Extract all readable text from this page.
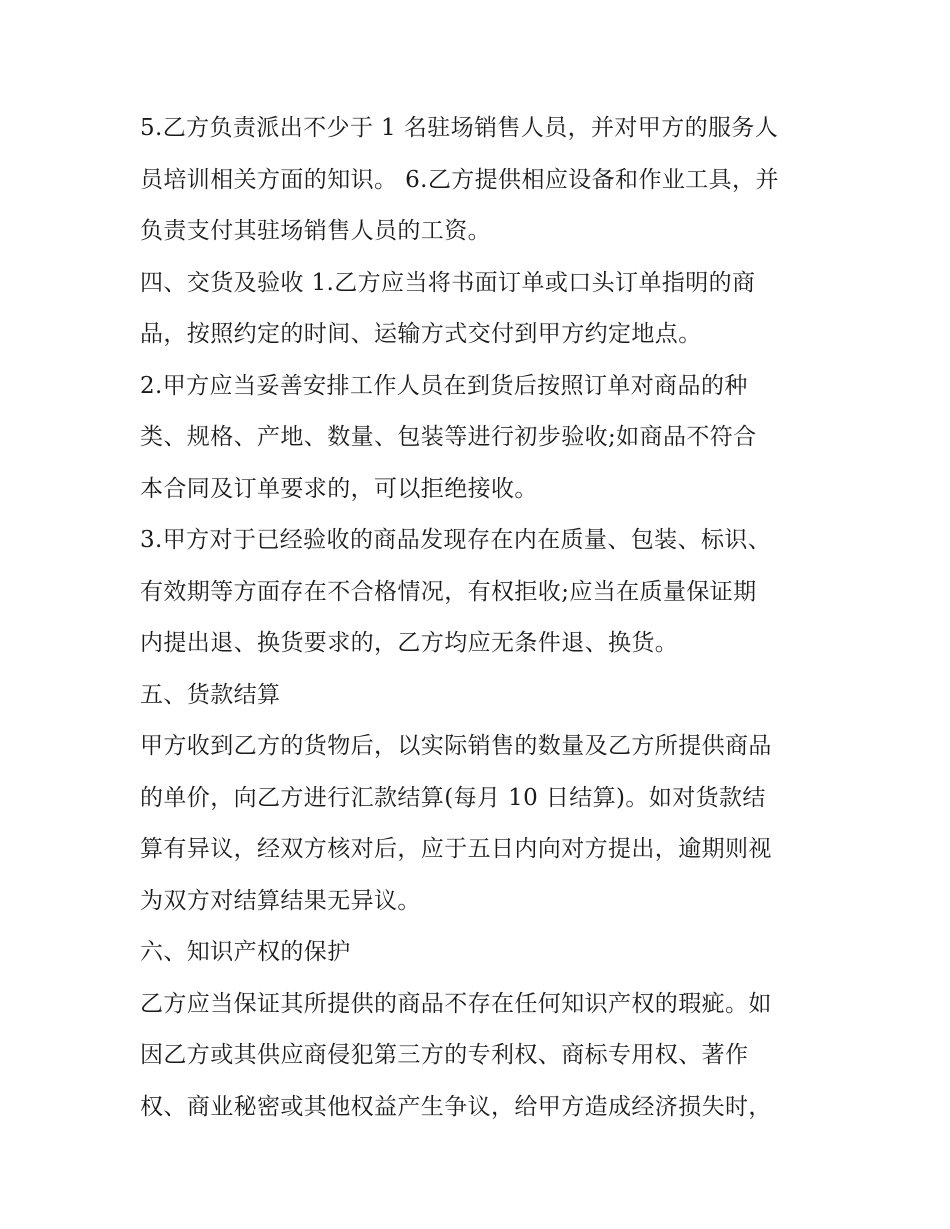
5.乙方负责派出不少于 1 名驻场销售人员，并对甲方的服务人
员培训相关方面的知识。 6.乙方提供相应设备和作业工具，并
负责支付其驻场销售人员的工资。
四、交货及验收 1.乙方应当将书面订单或口头订单指明的商
品，按照约定的时间、运输方式交付到甲方约定地点。
2.甲方应当妥善安排工作人员在到货后按照订单对商品的种
类、规格、产地、数量、包装等进行初步验收;如商品不符合
本合同及订单要求的，可以拒绝接收。
3.甲方对于已经验收的商品发现存在内在质量、包装、标识、
有效期等方面存在不合格情况，有权拒收;应当在质量保证期
内提出退、换货要求的，乙方均应无条件退、换货。
五、货款结算
甲方收到乙方的货物后，以实际销售的数量及乙方所提供商品
的单价，向乙方进行汇款结算(每月 10 日结算)。如对货款结
算有异议，经双方核对后，应于五日内向对方提出，逾期则视
为双方对结算结果无异议。
六、知识产权的保护
乙方应当保证其所提供的商品不存在任何知识产权的瑕疵。如
因乙方或其供应商侵犯第三方的专利权、商标专用权、著作
权、商业秘密或其他权益产生争议，给甲方造成经济损失时，
